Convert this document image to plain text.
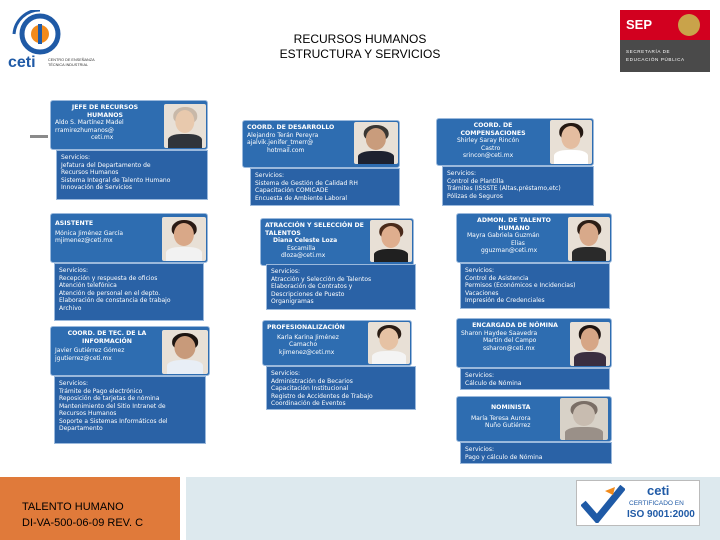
RECURSOS HUMANOS
ESTRUCTURA Y SERVICIOS
ceti	CENTRO DE ENSEÑANZA TÉCNICA INDUSTRIAL
SEP
SECRETARÍA DE
EDUCACIÓN PÚBLICA
JEFE DE RECURSOS HUMANOS
Aldo S. Martínez Madel
rramirezhumanos@
ceti.mx
Servicios:
Jefatura del Departamento de
Recursos Humanos
Sistema Integral de Talento Humano
Innovación de Servicios
ASISTENTE
Mónica Jiménez García
mjimenez@ceti.mx
Servicios:
Recepción y respuesta de oficios
Atención telefónica
Atención de personal en el depto.
Elaboración de constancia de trabajo
Archivo
COORD. DE TEC. DE LA INFORMACIÓN
Javier Gutiérrez Gómez
jgutierrez@ceti.mx
Servicios:
Trámite de Pago electrónico
Reposición de tarjetas de nómina
Mantenimiento del Sitio Intranet de
Recursos Humanos
Soporte a Sistemas Informáticos del
Departamento
COORD. DE DESARROLLO
Alejandro Terán Pereyra
ajalvik.jenifer_tmerr@
hotmail.com
Servicios:
Sistema de Gestión de Calidad RH
Capacitación COMICADE
Encuesta de Ambiente Laboral
ATRACCIÓN Y SELECCIÓN DE TALENTOS
Diana Celeste Loza
Escamilla
dloza@ceti.mx
Servicios:
Atracción y Selección de Talentos
Elaboración de Contratos y
Descripciones de Puesto
Organigramas
PROFESIONALIZACIÓN
Karla Karina Jiménez
Camacho
kjimenez@ceti.mx
Servicios:
Administración de Becarios
Capacitación Institucional
Registro de Accidentes de Trabajo
Coordinación de Eventos
COORD. DE COMPENSACIONES
Shirley Saray Rincón
Castro
srincon@ceti.mx
Servicios:
Control de Plantilla
Trámites (ISSSTE (Altas,préstamo,etc)
Pólizas de Seguros
ADMON. DE TALENTO HUMANO
Mayra Gabriela Guzmán
Elias
gguzman@ceti.mx
Servicios:
Control de Asistencia
Permisos (Económicos e Incidencias)
Vacaciones
Impresión de Credenciales
ENCARGADA DE NÓMINA
Sharon Haydee Saavedra
Martin del Campo
ssharon@ceti.mx
Servicios:
Cálculo de Nómina
NOMINISTA
María Teresa Aurora
Nuño Gutiérrez
Servicios:
Pago y cálculo de Nómina
TALENTO HUMANO
DI-VA-500-06-09 REV. C
ceti
CERTIFICADO EN
ISO 9001:2000
